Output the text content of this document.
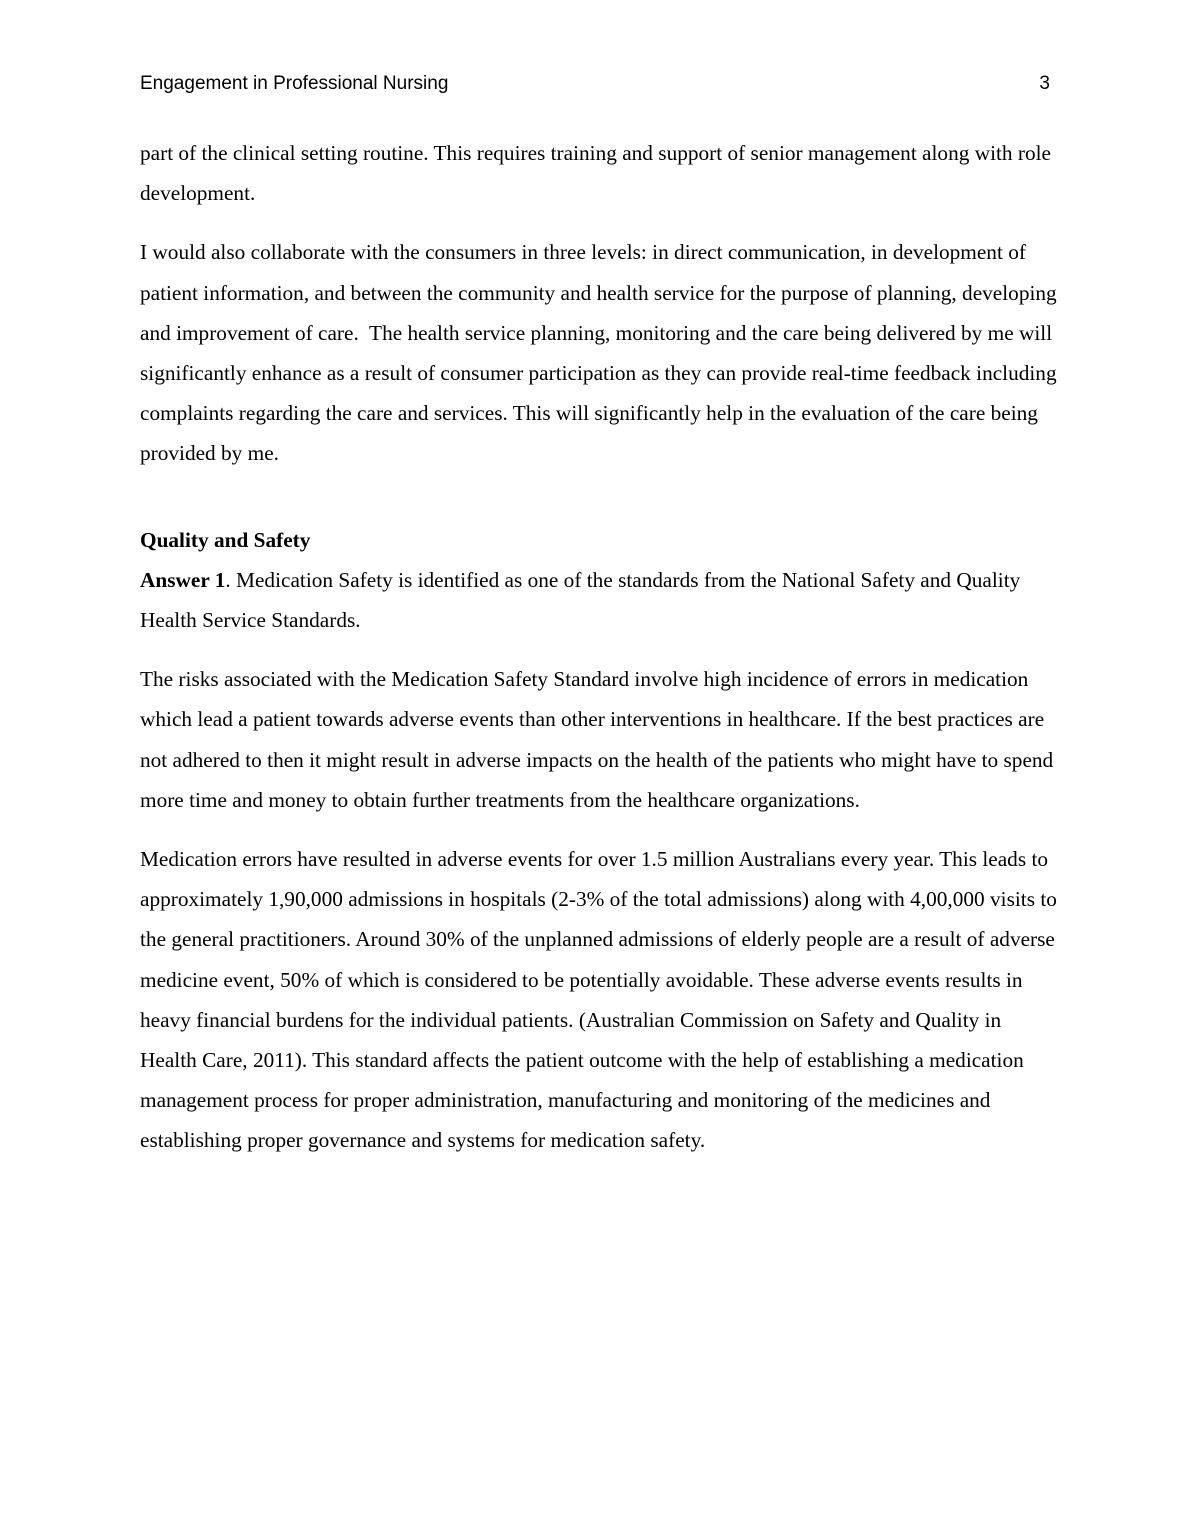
Engagement in Professional Nursing	3

part of the clinical setting routine. This requires training and support of senior management along with role development.

I would also collaborate with the consumers in three levels: in direct communication, in development of patient information, and between the community and health service for the purpose of planning, developing and improvement of care.  The health service planning, monitoring and the care being delivered by me will significantly enhance as a result of consumer participation as they can provide real-time feedback including complaints regarding the care and services. This will significantly help in the evaluation of the care being provided by me.

Quality and Safety

Answer 1. Medication Safety is identified as one of the standards from the National Safety and Quality Health Service Standards.

The risks associated with the Medication Safety Standard involve high incidence of errors in medication which lead a patient towards adverse events than other interventions in healthcare. If the best practices are not adhered to then it might result in adverse impacts on the health of the patients who might have to spend more time and money to obtain further treatments from the healthcare organizations.

Medication errors have resulted in adverse events for over 1.5 million Australians every year. This leads to approximately 1,90,000 admissions in hospitals (2-3% of the total admissions) along with 4,00,000 visits to the general practitioners. Around 30% of the unplanned admissions of elderly people are a result of adverse medicine event, 50% of which is considered to be potentially avoidable. These adverse events results in heavy financial burdens for the individual patients. (Australian Commission on Safety and Quality in Health Care, 2011). This standard affects the patient outcome with the help of establishing a medication management process for proper administration, manufacturing and monitoring of the medicines and establishing proper governance and systems for medication safety.
